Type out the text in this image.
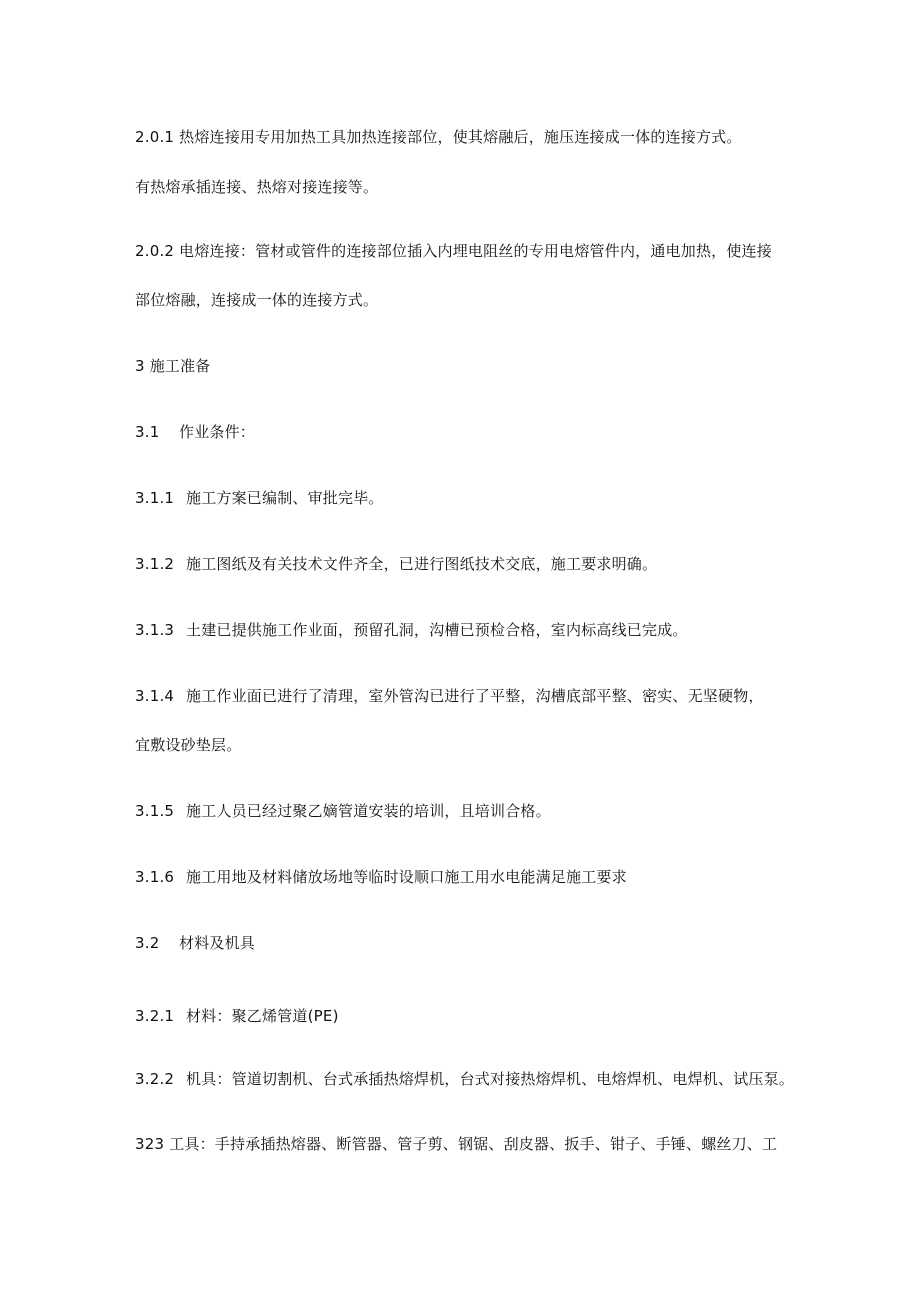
2.0.1 热熔连接用专用加热工具加热连接部位，使其熔融后，施压连接成一体的连接方式。
有热熔承插连接、热熔对接连接等。
2.0.2 电熔连接：管材或管件的连接部位插入内埋电阻丝的专用电熔管件内，通电加热，使连接
部位熔融，连接成一体的连接方式。
3 施工准备
3.1 作业条件：
3.1.1 施工方案已编制、审批完毕。
3.1.2 施工图纸及有关技术文件齐全，已进行图纸技术交底，施工要求明确。
3.1.3 土建已提供施工作业面，预留孔洞，沟槽已预检合格，室内标高线已完成。
3.1.4 施工作业面已进行了清理，室外管沟已进行了平整，沟槽底部平整、密实、无坚硬物，
宜敷设砂垫层。
3.1.5 施工人员已经过聚乙嫡管道安装的培训，且培训合格。
3.1.6 施工用地及材料储放场地等临时设顺口施工用水电能满足施工要求
3.2 材料及机具
3.2.1 材料：聚乙烯管道(PE)
3.2.2 机具：管道切割机、台式承插热熔焊机，台式对接热熔焊机、电熔焊机、电焊机、试压泵。
323 工具：手持承插热熔器、断管器、管子剪、钢锯、刮皮器、扳手、钳子、手锤、螺丝刀、工
